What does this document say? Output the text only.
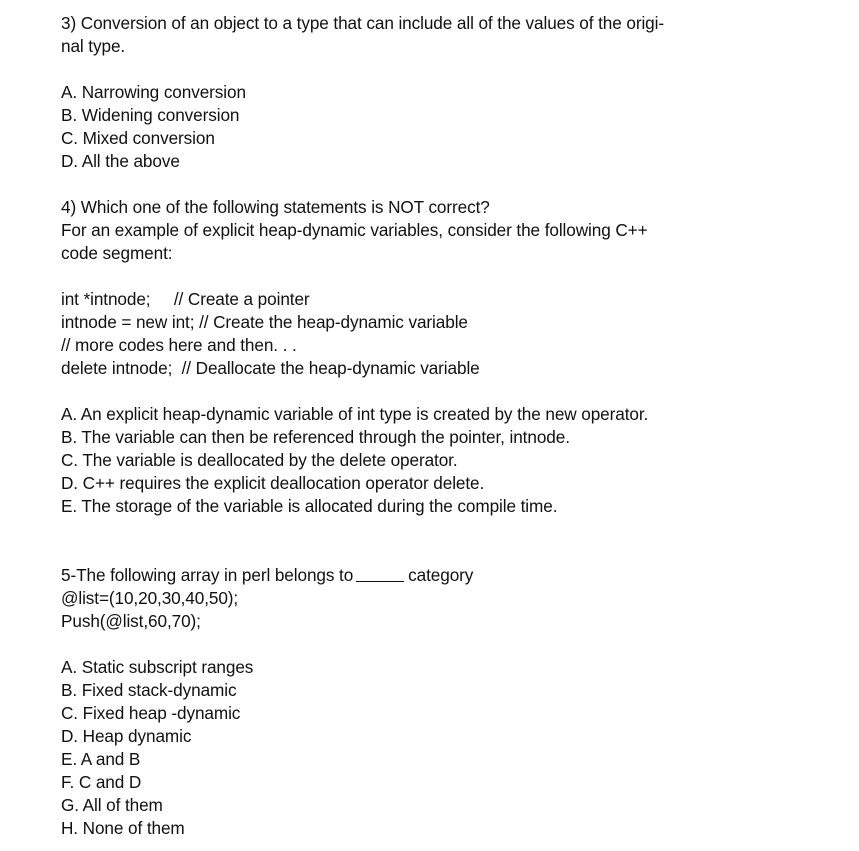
3) Conversion of an object to a type that can include all of the values of the origi-
nal type.
A. Narrowing conversion
B. Widening conversion
C. Mixed conversion
D. All the above
4) Which one of the following statements is NOT correct?
For an example of explicit heap-dynamic variables, consider the following C++
code segment:
int *intnode;     // Create a pointer
intnode = new int; // Create the heap-dynamic variable
// more codes here and then. . .
delete intnode;  // Deallocate the heap-dynamic variable
A. An explicit heap-dynamic variable of int type is created by the new operator.
B. The variable can then be referenced through the pointer, intnode.
C. The variable is deallocated by the delete operator.
D. C++ requires the explicit deallocation operator delete.
E. The storage of the variable is allocated during the compile time.
5-The following array in perl belongs to	category
@list=(10,20,30,40,50);
Push(@list,60,70);
A. Static subscript ranges
B. Fixed stack-dynamic
C. Fixed heap -dynamic
D. Heap dynamic
E. A and B
F. C and D
G. All of them
H. None of them
